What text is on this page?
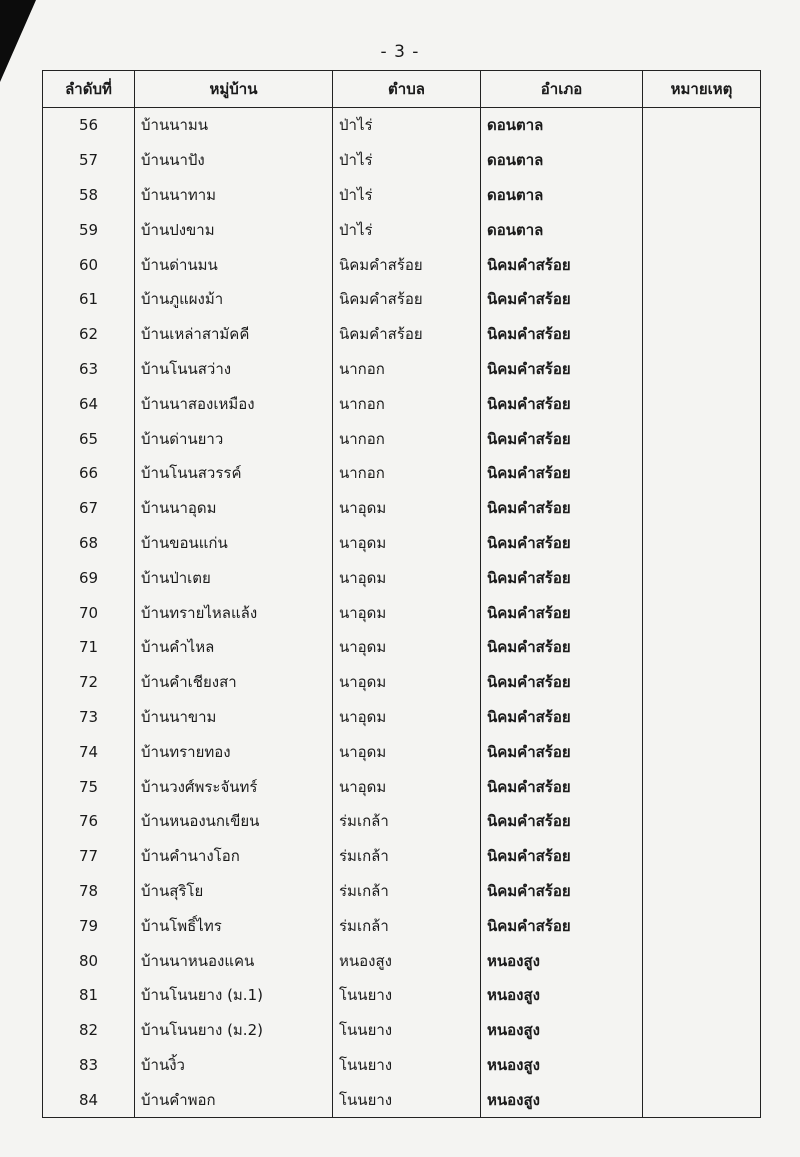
- 3 -
ลำดับที่	หมู่บ้าน	ตำบล	อำเภอ	หมายเหตุ
56	บ้านนามน	ป่าไร่	ดอนตาล	
57	บ้านนาปัง	ป่าไร่	ดอนตาล	
58	บ้านนาทาม	ป่าไร่	ดอนตาล	
59	บ้านปงขาม	ป่าไร่	ดอนตาล	
60	บ้านด่านมน	นิคมคำสร้อย	นิคมคำสร้อย	
61	บ้านภูแผงม้า	นิคมคำสร้อย	นิคมคำสร้อย	
62	บ้านเหล่าสามัคคี	นิคมคำสร้อย	นิคมคำสร้อย	
63	บ้านโนนสว่าง	นากอก	นิคมคำสร้อย	
64	บ้านนาสองเหมือง	นากอก	นิคมคำสร้อย	
65	บ้านด่านยาว	นากอก	นิคมคำสร้อย	
66	บ้านโนนสวรรค์	นากอก	นิคมคำสร้อย	
67	บ้านนาอุดม	นาอุดม	นิคมคำสร้อย	
68	บ้านขอนแก่น	นาอุดม	นิคมคำสร้อย	
69	บ้านป่าเตย	นาอุดม	นิคมคำสร้อย	
70	บ้านทรายไหลแล้ง	นาอุดม	นิคมคำสร้อย	
71	บ้านคำไหล	นาอุดม	นิคมคำสร้อย	
72	บ้านคำเชียงสา	นาอุดม	นิคมคำสร้อย	
73	บ้านนาขาม	นาอุดม	นิคมคำสร้อย	
74	บ้านทรายทอง	นาอุดม	นิคมคำสร้อย	
75	บ้านวงศ์พระจันทร์	นาอุดม	นิคมคำสร้อย	
76	บ้านหนองนกเขียน	ร่มเกล้า	นิคมคำสร้อย	
77	บ้านคำนางโอก	ร่มเกล้า	นิคมคำสร้อย	
78	บ้านสุริโย	ร่มเกล้า	นิคมคำสร้อย	
79	บ้านโพธิ์ไทร	ร่มเกล้า	นิคมคำสร้อย	
80	บ้านนาหนองแคน	หนองสูง	หนองสูง	
81	บ้านโนนยาง (ม.1)	โนนยาง	หนองสูง	
82	บ้านโนนยาง (ม.2)	โนนยาง	หนองสูง	
83	บ้านงิ้ว	โนนยาง	หนองสูง	
84	บ้านคำพอก	โนนยาง	หนองสูง	
